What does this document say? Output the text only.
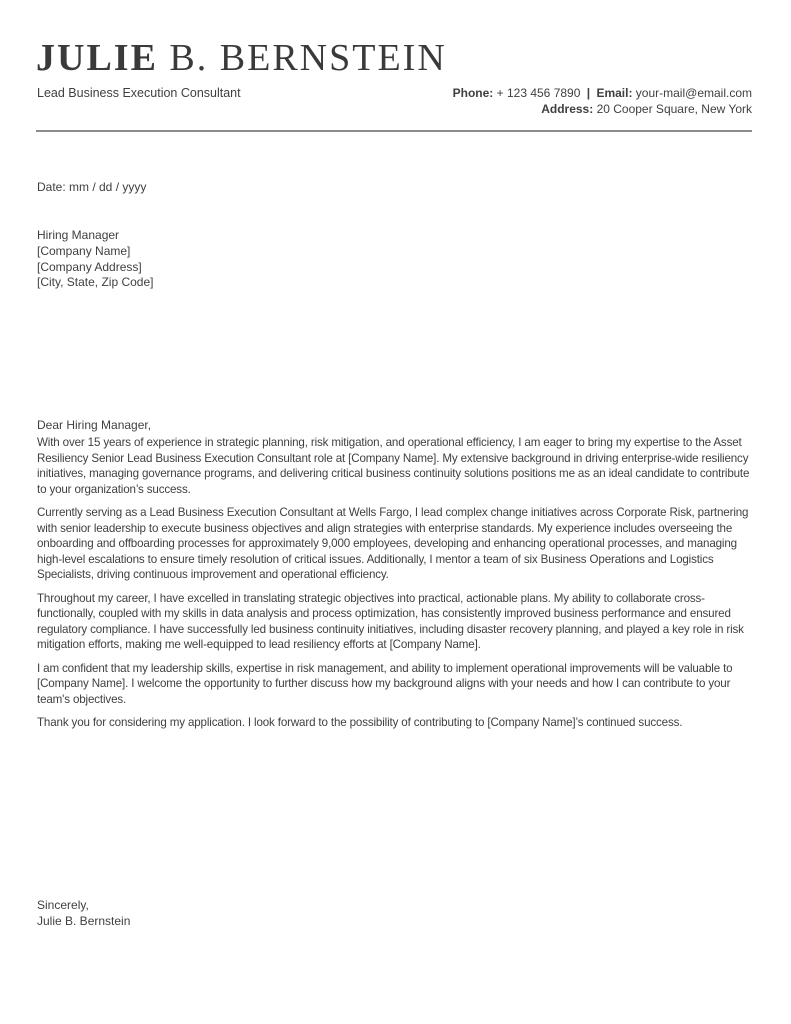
JULIE B. BERNSTEIN
Lead Business Execution Consultant	Phone: + 123 456 7890 | Email: your-mail@email.com
Address: 20 Cooper Square, New York
Date: mm / dd / yyyy
Hiring Manager
[Company Name]
[Company Address]
[City, State, Zip Code]
Dear Hiring Manager,

With over 15 years of experience in strategic planning, risk mitigation, and operational efficiency, I am eager to bring my expertise to the Asset Resiliency Senior Lead Business Execution Consultant role at [Company Name]. My extensive background in driving enterprise-wide resiliency initiatives, managing governance programs, and delivering critical business continuity solutions positions me as an ideal candidate to contribute to your organization’s success.

Currently serving as a Lead Business Execution Consultant at Wells Fargo, I lead complex change initiatives across Corporate Risk, partnering with senior leadership to execute business objectives and align strategies with enterprise standards. My experience includes overseeing the onboarding and offboarding processes for approximately 9,000 employees, developing and enhancing operational processes, and managing high-level escalations to ensure timely resolution of critical issues. Additionally, I mentor a team of six Business Operations and Logistics Specialists, driving continuous improvement and operational efficiency.

Throughout my career, I have excelled in translating strategic objectives into practical, actionable plans. My ability to collaborate cross-functionally, coupled with my skills in data analysis and process optimization, has consistently improved business performance and ensured regulatory compliance. I have successfully led business continuity initiatives, including disaster recovery planning, and played a key role in risk mitigation efforts, making me well-equipped to lead resiliency efforts at [Company Name].

I am confident that my leadership skills, expertise in risk management, and ability to implement operational improvements will be valuable to [Company Name]. I welcome the opportunity to further discuss how my background aligns with your needs and how I can contribute to your team's objectives.

Thank you for considering my application. I look forward to the possibility of contributing to [Company Name]’s continued success.

Sincerely,
Julie B. Bernstein
